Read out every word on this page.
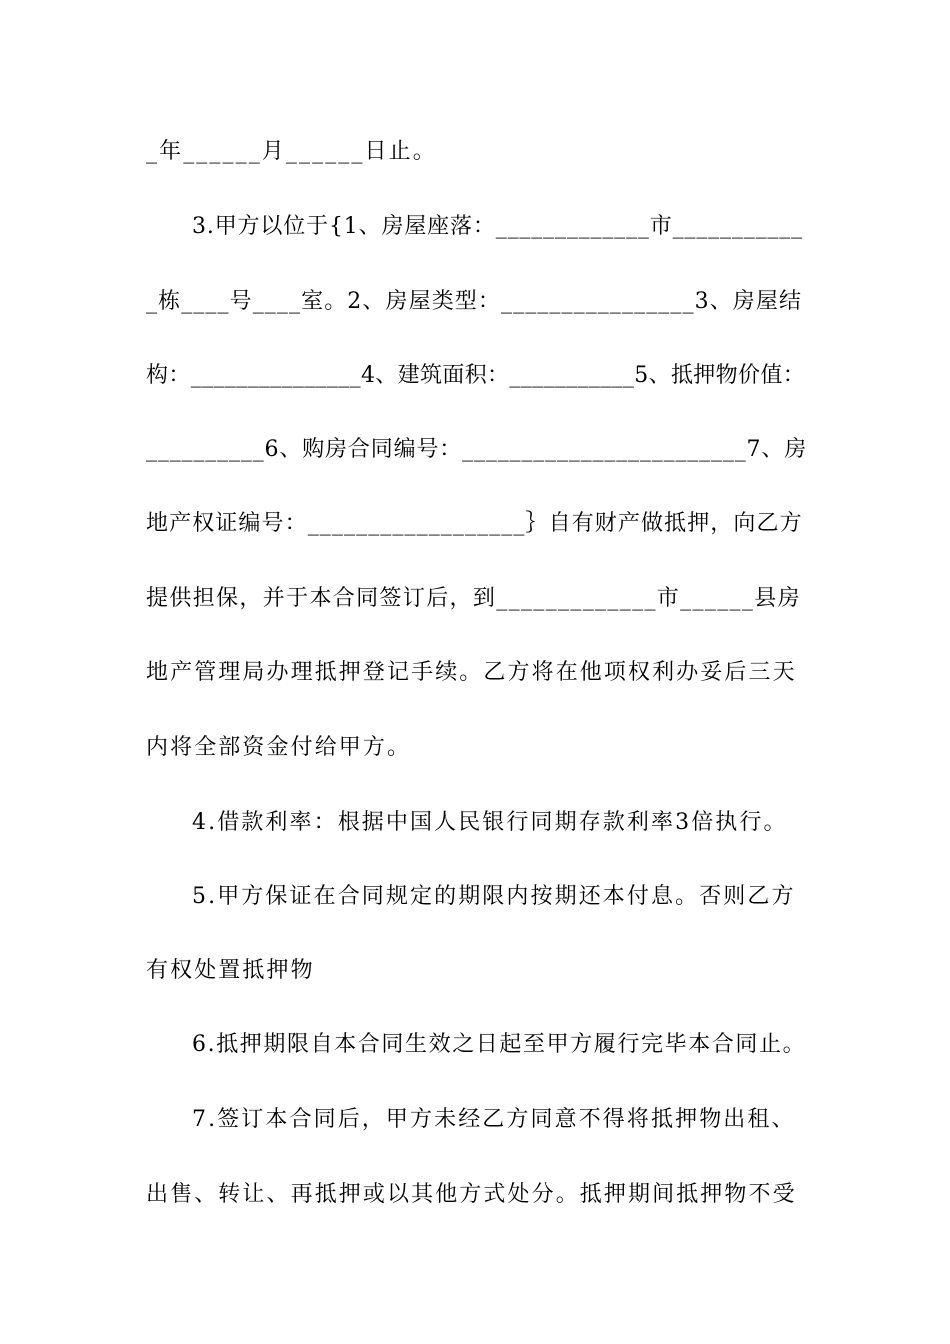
_年______月______日止。
3.甲方以位于{1、房屋座落：_____________市___________
_栋____号____室。2、房屋类型：________________3、房屋结
构：_______________4、建筑面积：___________5、抵押物价值：
__________6、购房合同编号：________________________7、房
地产权证编号：__________________｝自有财产做抵押，向乙方
提供担保，并于本合同签订后，到_____________市______县房
地产管理局办理抵押登记手续。乙方将在他项权利办妥后三天
内将全部资金付给甲方。
4.借款利率：根据中国人民银行同期存款利率3倍执行。
5.甲方保证在合同规定的期限内按期还本付息。否则乙方
有权处置抵押物
6.抵押期限自本合同生效之日起至甲方履行完毕本合同止。
7.签订本合同后，甲方未经乙方同意不得将抵押物出租、
出售、转让、再抵押或以其他方式处分。抵押期间抵押物不受
